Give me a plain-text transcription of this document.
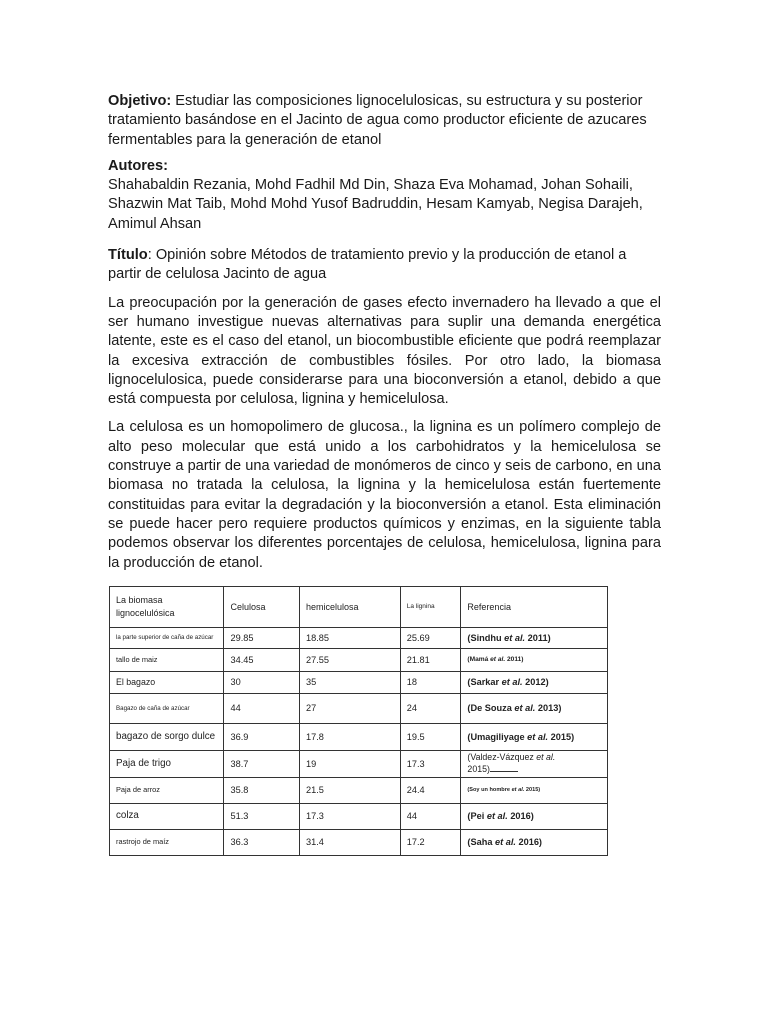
Objetivo: Estudiar las composiciones lignocelulosicas, su estructura y su posterior tratamiento basándose en el Jacinto de agua como productor eficiente de azucares fermentables para la generación de etanol
Autores:
Shahabaldin Rezania, Mohd Fadhil Md Din, Shaza Eva Mohamad, Johan Sohaili, Shazwin Mat Taib, Mohd Mohd Yusof Badruddin, Hesam Kamyab, Negisa Darajeh, Amimul Ahsan
Título: Opinión sobre Métodos de tratamiento previo y la producción de etanol a partir de celulosa Jacinto de agua

La preocupación por la generación de gases efecto invernadero ha llevado a que el ser humano investigue nuevas alternativas para suplir una demanda energética latente, este es el caso del etanol, un biocombustible eficiente que podrá reemplazar la excesiva extracción de combustibles fósiles. Por otro lado, la biomasa lignocelulosica, puede considerarse para una bioconversión a etanol, debido a que está compuesta por celulosa, lignina y hemicelulosa.

La celulosa es un homopolimero de glucosa., la lignina es un polímero complejo de alto peso molecular que está unido a los carbohidratos y la hemicelulosa se construye a partir de una variedad de monómeros de cinco y seis de carbono, en una biomasa no tratada la celulosa, la lignina y la hemicelulosa están fuertemente constituidas para evitar la degradación y la bioconversión a etanol. Esta eliminación se puede hacer pero requiere productos químicos y enzimas, en la siguiente tabla podemos observar los diferentes porcentajes de celulosa, hemicelulosa, lignina para la producción de etanol.

La biomasa lignocelulósica	Celulosa	hemicelulosa	La lignina	Referencia
la parte superior de caña de azúcar	29.85	18.85	25.69	(Sindhu et al. 2011)
tallo de maiz	34.45	27.55	21.81	(Mamá et al. 2011)
El bagazo	30	35	18	(Sarkar et al. 2012)
Bagazo de caña de azúcar	44	27	24	(De Souza et al. 2013)
bagazo de sorgo dulce	36.9	17.8	19.5	(Umagiliyage et al. 2015)
Paja de trigo	38.7	19	17.3	(Valdez-Vázquez et al.
2015)
Paja de arroz	35.8	21.5	24.4	(Soy un hombre et al. 2015)
colza	51.3	17.3	44	(Pei et al. 2016)
rastrojo de maíz	36.3	31.4	17.2	(Saha et al. 2016)
